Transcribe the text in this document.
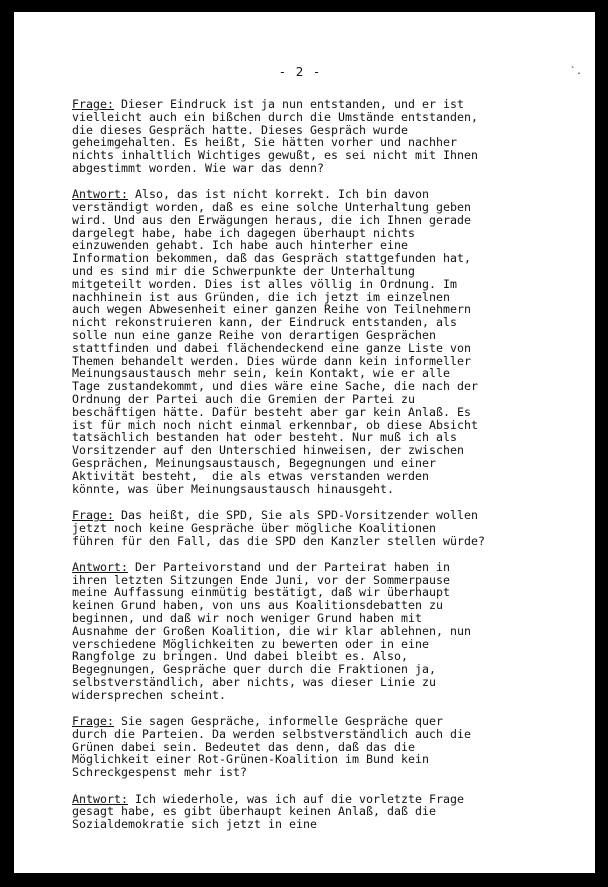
- 2 -	`.
Frage: Dieser Eindruck ist ja nun entstanden, und er ist
vielleicht auch ein bißchen durch die Umstände entstanden,
die dieses Gespräch hatte. Dieses Gespräch wurde
geheimgehalten. Es heißt, Sie hätten vorher und nachher
nichts inhaltlich Wichtiges gewußt, es sei nicht mit Ihnen
abgestimmt worden. Wie war das denn?
Antwort: Also, das ist nicht korrekt. Ich bin davon
verständigt worden, daß es eine solche Unterhaltung geben
wird. Und aus den Erwägungen heraus, die ich Ihnen gerade
dargelegt habe, habe ich dagegen überhaupt nichts
einzuwenden gehabt. Ich habe auch hinterher eine
Information bekommen, daß das Gespräch stattgefunden hat,
und es sind mir die Schwerpunkte der Unterhaltung
mitgeteilt worden. Dies ist alles völlig in Ordnung. Im
nachhinein ist aus Gründen, die ich jetzt im einzelnen
auch wegen Abwesenheit einer ganzen Reihe von Teilnehmern
nicht rekonstruieren kann, der Eindruck entstanden, als
solle nun eine ganze Reihe von derartigen Gesprächen
stattfinden und dabei flächendeckend eine ganze Liste von
Themen behandelt werden. Dies würde dann kein informeller
Meinungsaustausch mehr sein, kein Kontakt, wie er alle
Tage zustandekommt, und dies wäre eine Sache, die nach der
Ordnung der Partei auch die Gremien der Partei zu
beschäftigen hätte. Dafür besteht aber gar kein Anlaß. Es
ist für mich noch nicht einmal erkennbar, ob diese Absicht
tatsächlich bestanden hat oder besteht. Nur muß ich als
Vorsitzender auf den Unterschied hinweisen, der zwischen
Gesprächen, Meinungsaustausch, Begegnungen und einer
Aktivität besteht,  die als etwas verstanden werden
könnte, was über Meinungsaustausch hinausgeht.
Frage: Das heißt, die SPD, Sie als SPD-Vorsitzender wollen
jetzt noch keine Gespräche über mögliche Koalitionen
führen für den Fall, das die SPD den Kanzler stellen würde?
Antwort: Der Parteivorstand und der Parteirat haben in
ihren letzten Sitzungen Ende Juni, vor der Sommerpause
meine Auffassung einmütig bestätigt, daß wir überhaupt
keinen Grund haben, von uns aus Koalitionsdebatten zu
beginnen, und daß wir noch weniger Grund haben mit
Ausnahme der Großen Koalition, die wir klar ablehnen, nun
verschiedene Möglichkeiten zu bewerten oder in eine
Rangfolge zu bringen. Und dabei bleibt es. Also,
Begegnungen, Gespräche quer durch die Fraktionen ja,
selbstverständlich, aber nichts, was dieser Linie zu
widersprechen scheint.
Frage: Sie sagen Gespräche, informelle Gespräche quer
durch die Parteien. Da werden selbstverständlich auch die
Grünen dabei sein. Bedeutet das denn, daß das die
Möglichkeit einer Rot-Grünen-Koalition im Bund kein
Schreckgespenst mehr ist?
Antwort: Ich wiederhole, was ich auf die vorletzte Frage
gesagt habe, es gibt überhaupt keinen Anlaß, daß die
Sozialdemokratie sich jetzt in eine
